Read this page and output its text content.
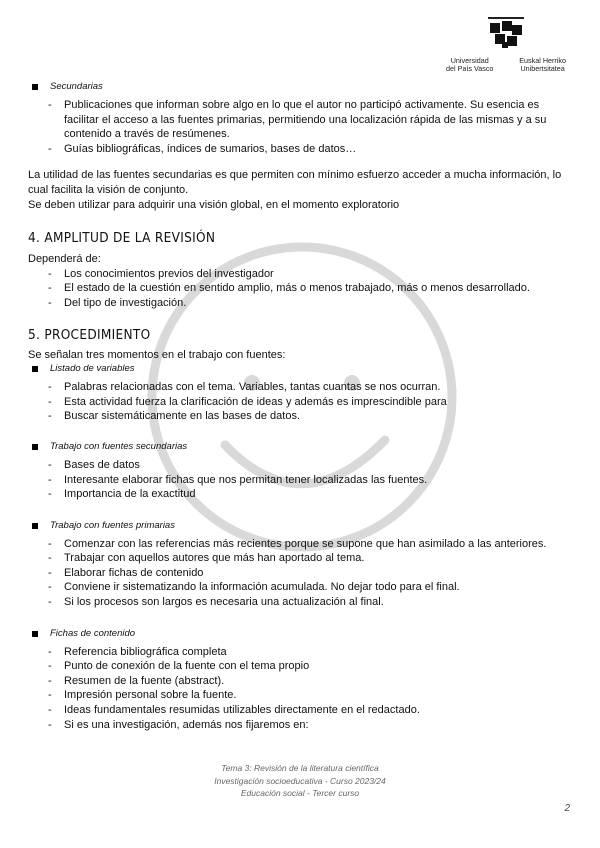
Universidad
del País Vasco
Euskal Herriko
Unibertsitatea
Secundarias
- Publicaciones que informan sobre algo en lo que el autor no participó activamente. Su esencia es facilitar el acceso a las fuentes primarias, permitiendo una localización rápida de las mismas y a su contenido a través de resúmenes.
- Guías bibliográficas, índices de sumarios, bases de datos…

La utilidad de las fuentes secundarias es que permiten con mínimo esfuerzo acceder a mucha información, lo cual facilita la visión de conjunto.

Se deben utilizar para adquirir una visión global, en el momento exploratorio

4. AMPLITUD DE LA REVISIÓN

Dependerá de:

- Los conocimientos previos del investigador
- El estado de la cuestión en sentido amplio, más o menos trabajado, más o menos desarrollado.
- Del tipo de investigación.
5. PROCEDIMIENTO

Se señalan tres momentos en el trabajo con fuentes:

Listado de variables
- Palabras relacionadas con el tema. Variables, tantas cuantas se nos ocurran.
- Esta actividad fuerza la clarificación de ideas y además es imprescindible para
- Buscar sistemáticamente en las bases de datos.
Trabajo con fuentes secundarias
- Bases de datos
- Interesante elaborar fichas que nos permitan tener localizadas las fuentes.
- Importancia de la exactitud
Trabajo con fuentes primarias
- Comenzar con las referencias más recientes porque se supone que han asimilado a las anteriores.
- Trabajar con aquellos autores que más han aportado al tema.
- Elaborar fichas de contenido
- Conviene ir sistematizando la información acumulada. No dejar todo para el final.
- Si los procesos son largos es necesaria una actualización al final.
Fichas de contenido
- Referencia bibliográfica completa
- Punto de conexión de la fuente con el tema propio
- Resumen de la fuente (abstract).
- Impresión personal sobre la fuente.
- Ideas fundamentales resumidas utilizables directamente en el redactado.
- Si es una investigación, además nos fijaremos en:
Tema 3: Revisión de la literatura científica
Investigación socioeducativa - Curso 2023/24
Educación social - Tercer curso
2
